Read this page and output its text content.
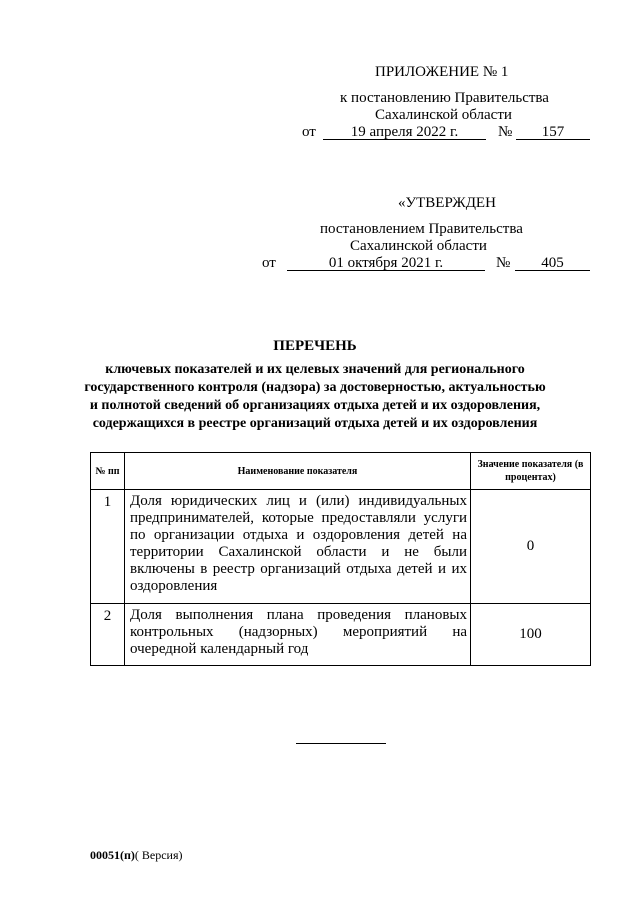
ПРИЛОЖЕНИЕ № 1
к постановлению Правительства
Сахалинской области
от	19 апреля 2022 г.	№	157
«УТВЕРЖДЕН
постановлением Правительства
Сахалинской области
от	01 октября 2021 г.	№	405
ПЕРЕЧЕНЬ
ключевых показателей и их целевых значений для регионального
государственного контроля (надзора) за достоверностью, актуальностью
и полнотой сведений об организациях отдыха детей и их оздоровления,
содержащихся в реестре организаций отдыха детей и их оздоровления
№ пп	Наименование показателя	Значение показателя (в процентах)
1	Доля юридических лиц и (или) индивидуальных предпринимателей, которые предоставляли услуги по организации отдыха и оздоровления детей на территории Сахалинской области и не были включены в реестр организаций отдыха детей и их оздоровления	0
2	Доля выполнения плана проведения плановых контрольных (надзорных) мероприятий на очередной календарный год	100
00051(п)( Версия)
